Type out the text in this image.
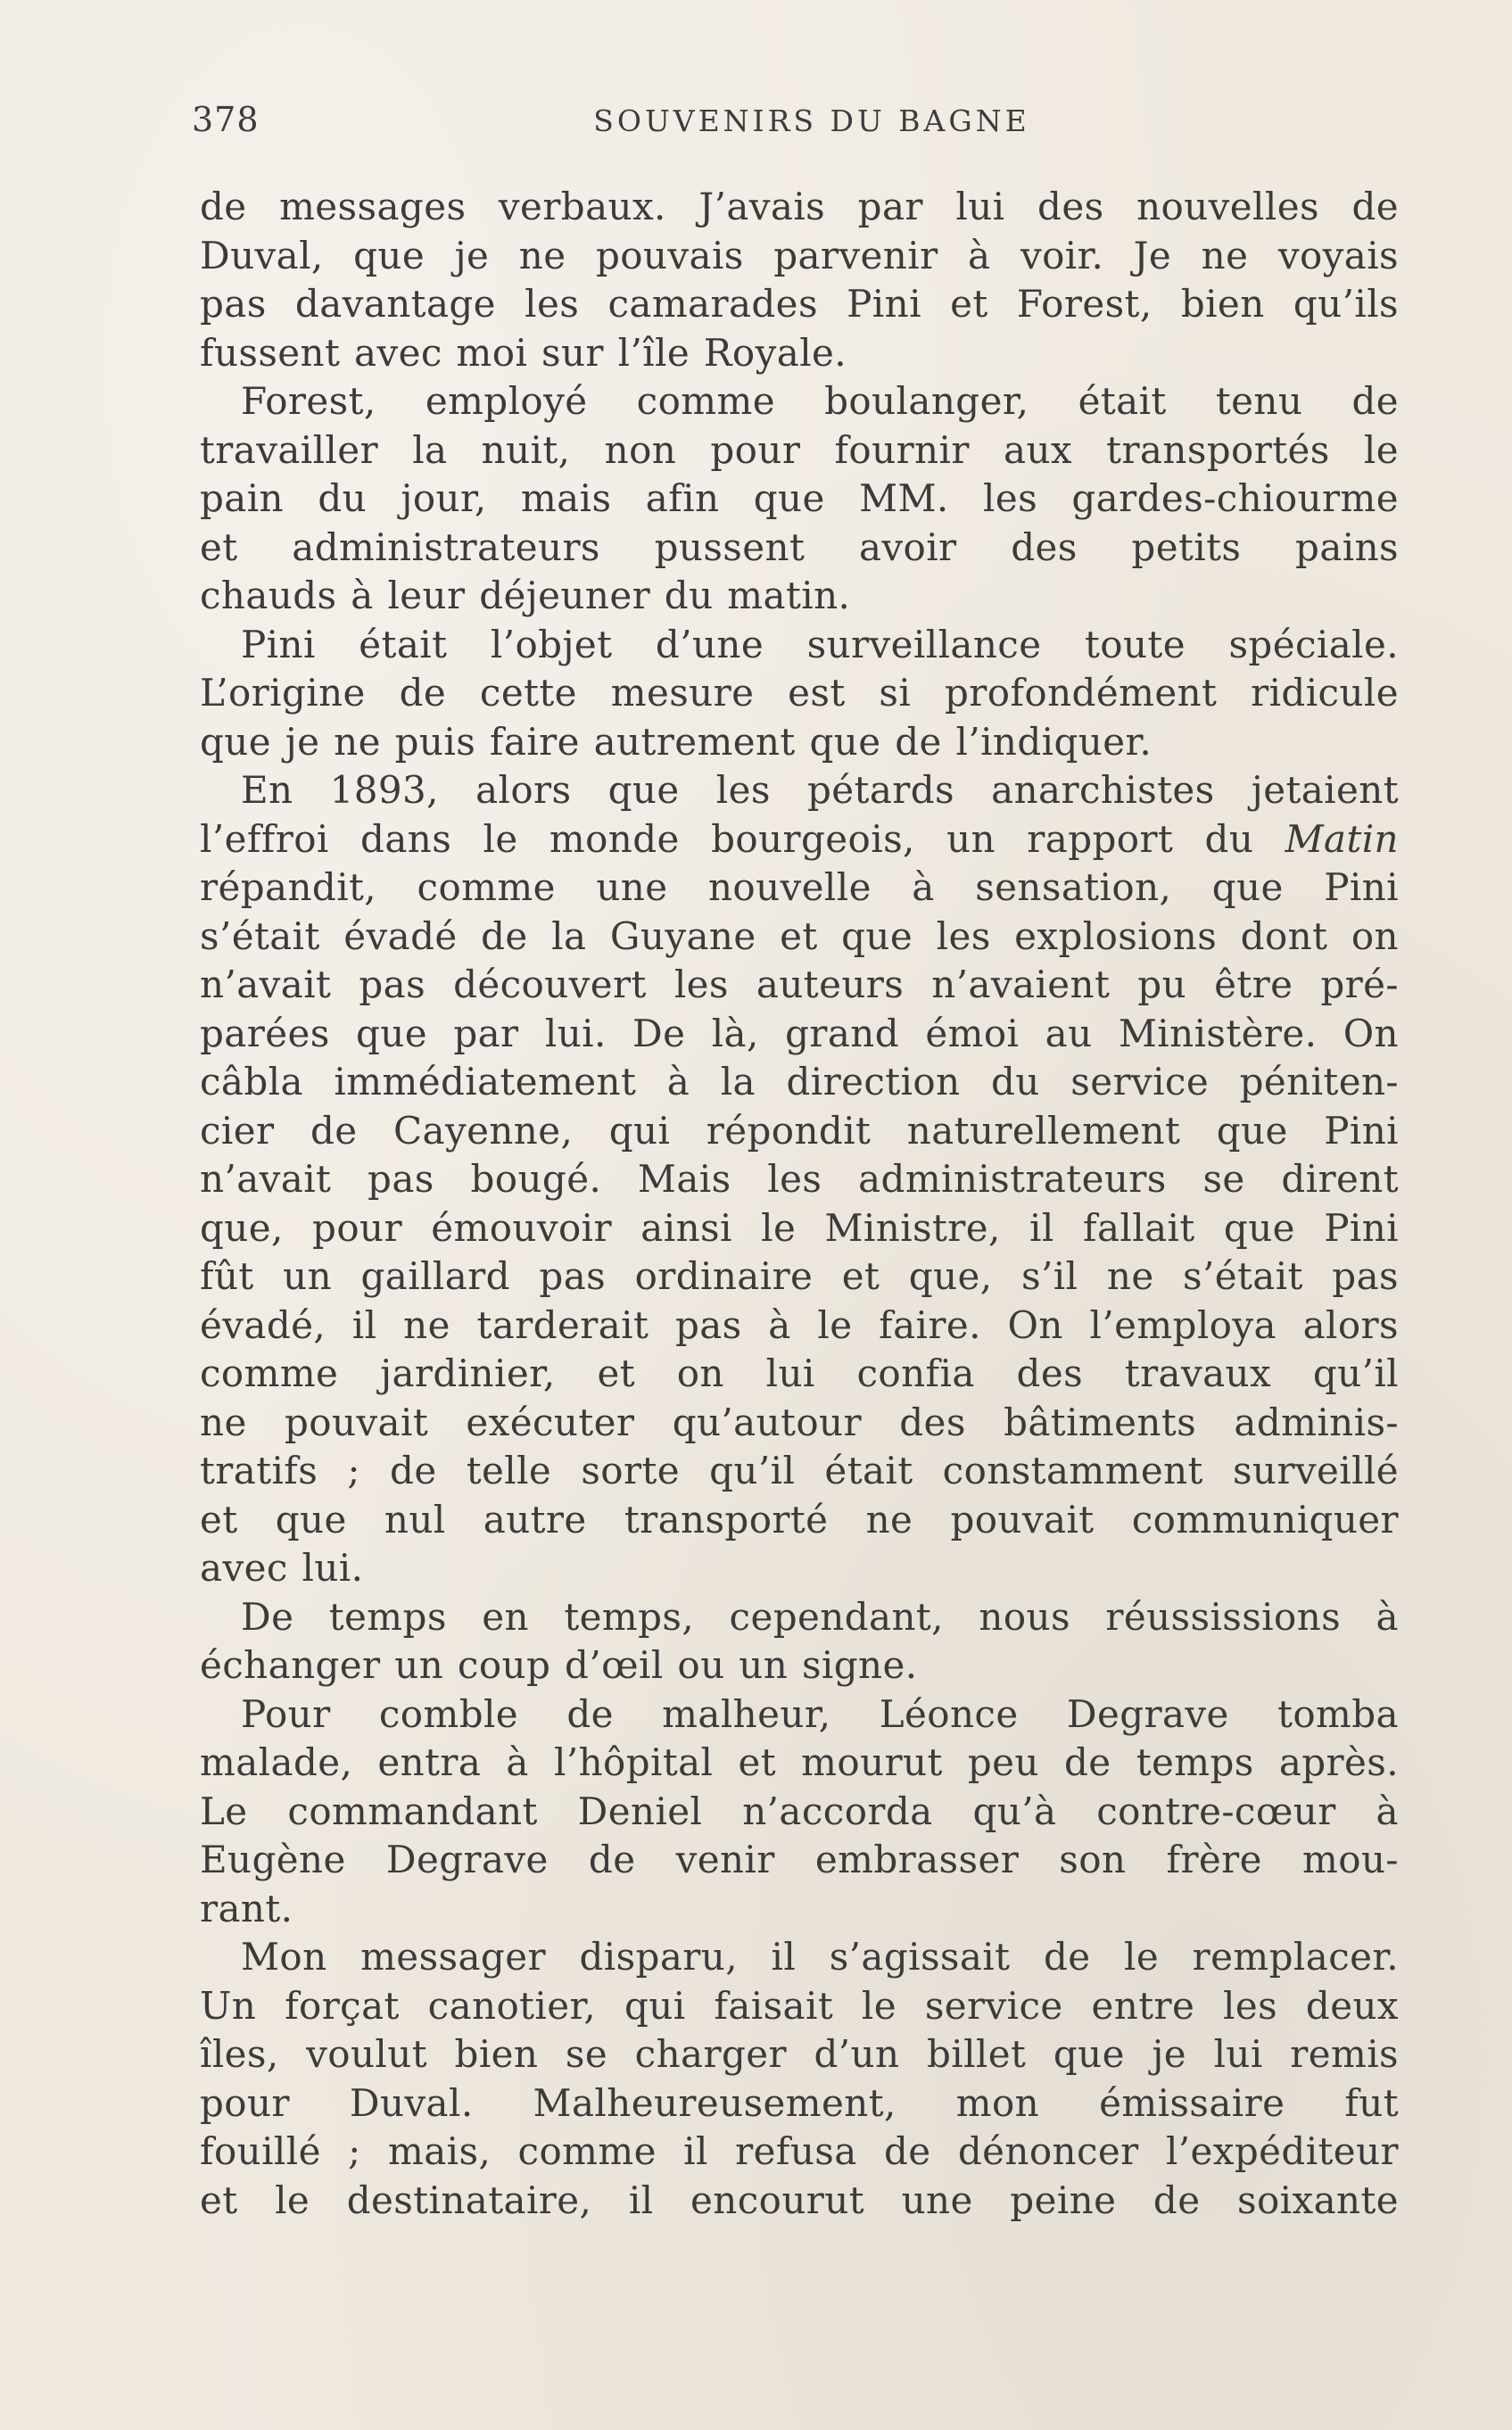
378	SOUVENIRS DU BAGNE
de messages verbaux. J’avais par lui des nouvelles de
Duval, que je ne pouvais parvenir à voir. Je ne voyais
pas davantage les camarades Pini et Forest, bien qu’ils
fussent avec moi sur l’île Royale.
Forest, employé comme boulanger, était tenu de
travailler la nuit, non pour fournir aux transportés le
pain du jour, mais afin que MM. les gardes-chiourme
et administrateurs pussent avoir des petits pains
chauds à leur déjeuner du matin.
Pini était l’objet d’une surveillance toute spéciale.
L’origine de cette mesure est si profondément ridicule
que je ne puis faire autrement que de l’indiquer.
En 1893, alors que les pétards anarchistes jetaient
l’effroi dans le monde bourgeois, un rapport du Matin
répandit, comme une nouvelle à sensation, que Pini
s’était évadé de la Guyane et que les explosions dont on
n’avait pas découvert les auteurs n’avaient pu être pré-
parées que par lui. De là, grand émoi au Ministère. On
câbla immédiatement à la direction du service péniten-
cier de Cayenne, qui répondit naturellement que Pini
n’avait pas bougé. Mais les administrateurs se dirent
que, pour émouvoir ainsi le Ministre, il fallait que Pini
fût un gaillard pas ordinaire et que, s’il ne s’était pas
évadé, il ne tarderait pas à le faire. On l’employa alors
comme jardinier, et on lui confia des travaux qu’il
ne pouvait exécuter qu’autour des bâtiments adminis-
tratifs ; de telle sorte qu’il était constamment surveillé
et que nul autre transporté ne pouvait communiquer
avec lui.
De temps en temps, cependant, nous réussissions à
échanger un coup d’œil ou un signe.
Pour comble de malheur, Léonce Degrave tomba
malade, entra à l’hôpital et mourut peu de temps après.
Le commandant Deniel n’accorda qu’à contre-cœur à
Eugène Degrave de venir embrasser son frère mou-
rant.
Mon messager disparu, il s’agissait de le remplacer.
Un forçat canotier, qui faisait le service entre les deux
îles, voulut bien se charger d’un billet que je lui remis
pour Duval. Malheureusement, mon émissaire fut
fouillé ; mais, comme il refusa de dénoncer l’expéditeur
et le destinataire, il encourut une peine de soixante
